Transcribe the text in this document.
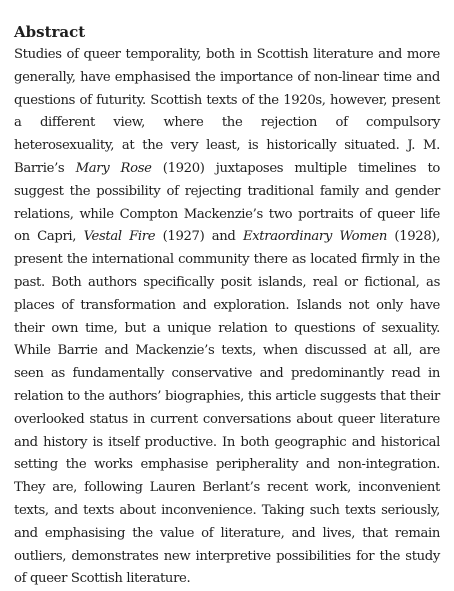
Abstract

Studies of queer temporality, both in Scottish literature and more generally, have emphasised the importance of non-linear time and questions of futurity. Scottish texts of the 1920s, however, present a different view, where the rejection of compulsory heterosexuality, at the very least, is historically situated. J. M. Barrie’s Mary Rose (1920) juxtaposes multiple timelines to suggest the possibility of rejecting traditional family and gender relations, while Compton Mackenzie’s two portraits of queer life on Capri, Vestal Fire (1927) and Extraordinary Women (1928), present the international community there as located firmly in the past. Both authors specifically posit islands, real or fictional, as places of transformation and exploration. Islands not only have their own time, but a unique relation to questions of sexuality. While Barrie and Mackenzie’s texts, when discussed at all, are seen as fundamentally conservative and predominantly read in relation to the authors’ biographies, this article suggests that their overlooked status in current conversations about queer literature and history is itself productive. In both geographic and historical setting the works emphasise peripherality and non-integration. They are, following Lauren Berlant’s recent work, inconvenient texts, and texts about inconvenience. Taking such texts seriously, and emphasising the value of literature, and lives, that remain outliers, demonstrates new interpretive possibilities for the study of queer Scottish literature.
